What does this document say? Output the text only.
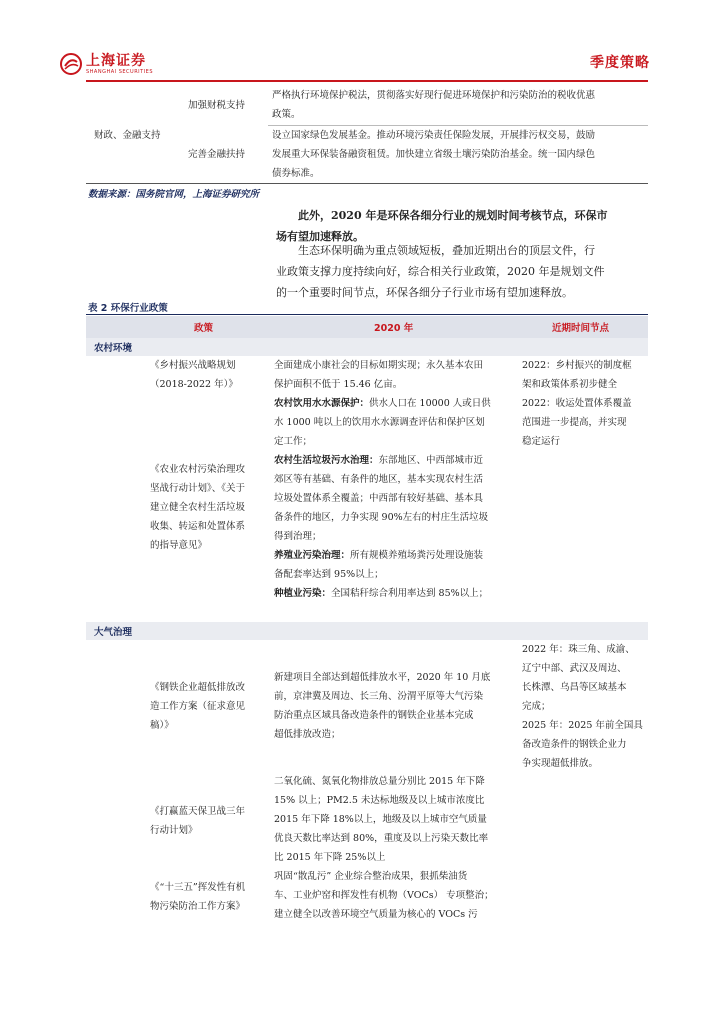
上海证券
SHANGHAI SECURITIES
季度策略
财政、金融支持
加强财税支持
严格执行环境保护税法，贯彻落实好现行促进环境保护和污染防治的税收优惠
政策。
完善金融扶持
设立国家绿色发展基金。推动环境污染责任保险发展，开展排污权交易，鼓励
发展重大环保装备融资租赁。加快建立省级土壤污染防治基金。统一国内绿色
债券标准。
数据来源：国务院官网，上海证券研究所
此外，2020 年是环保各细分行业的规划时间考核节点，环保市
场有望加速释放。
生态环保明确为重点领域短板，叠加近期出台的顶层文件，行
业政策支撑力度持续向好，综合相关行业政策，2020 年是规划文件
的一个重要时间节点，环保各细分子行业市场有望加速释放。
表 2 环保行业政策
政策	2020 年	近期时间节点
农村环境
《乡村振兴战略规划
（2018-2022 年）》
《农业农村污染治理攻
坚战行动计划》、《关于
建立健全农村生活垃圾
收集、转运和处置体系
的指导意见》
全面建成小康社会的目标如期实现；永久基本农田
保护面积不低于 15.46 亿亩。
农村饮用水水源保护：供水人口在 10000 人或日供
水 1000 吨以上的饮用水水源调查评估和保护区划
定工作；
农村生活垃圾污水治理：东部地区、中西部城市近
郊区等有基础、有条件的地区，基本实现农村生活
垃圾处置体系全覆盖；中西部有较好基础、基本具
备条件的地区，力争实现 90%左右的村庄生活垃圾
得到治理；
养殖业污染治理：所有规模养殖场粪污处理设施装
备配套率达到 95%以上；
种植业污染：全国秸秆综合利用率达到 85%以上；
2022：乡村振兴的制度框
架和政策体系初步健全
2022：收运处置体系覆盖
范围进一步提高，并实现
稳定运行
大气治理
《钢铁企业超低排放改
造工作方案（征求意见
稿）》
《打赢蓝天保卫战三年
行动计划》
《“十三五”挥发性有机
物污染防治工作方案》
新建项目全部达到超低排放水平，2020 年 10 月底
前，京津冀及周边、长三角、汾渭平原等大气污染
防治重点区域具备改造条件的钢铁企业基本完成
超低排放改造；
二氧化硫、氮氧化物排放总量分别比 2015 年下降
15% 以上；PM2.5 未达标地级及以上城市浓度比
2015 年下降 18%以上，地级及以上城市空气质量
优良天数比率达到 80%，重度及以上污染天数比率
比 2015 年下降 25%以上
巩固“散乱污” 企业综合整治成果，狠抓柴油货
车、工业炉窑和挥发性有机物（VOCs） 专项整治；
建立健全以改善环境空气质量为核心的 VOCs 污
2022 年：珠三角、成渝、
辽宁中部、武汉及周边、
长株潭、乌昌等区域基本
完成；
2025 年：2025 年前全国具
备改造条件的钢铁企业力
争实现超低排放。
